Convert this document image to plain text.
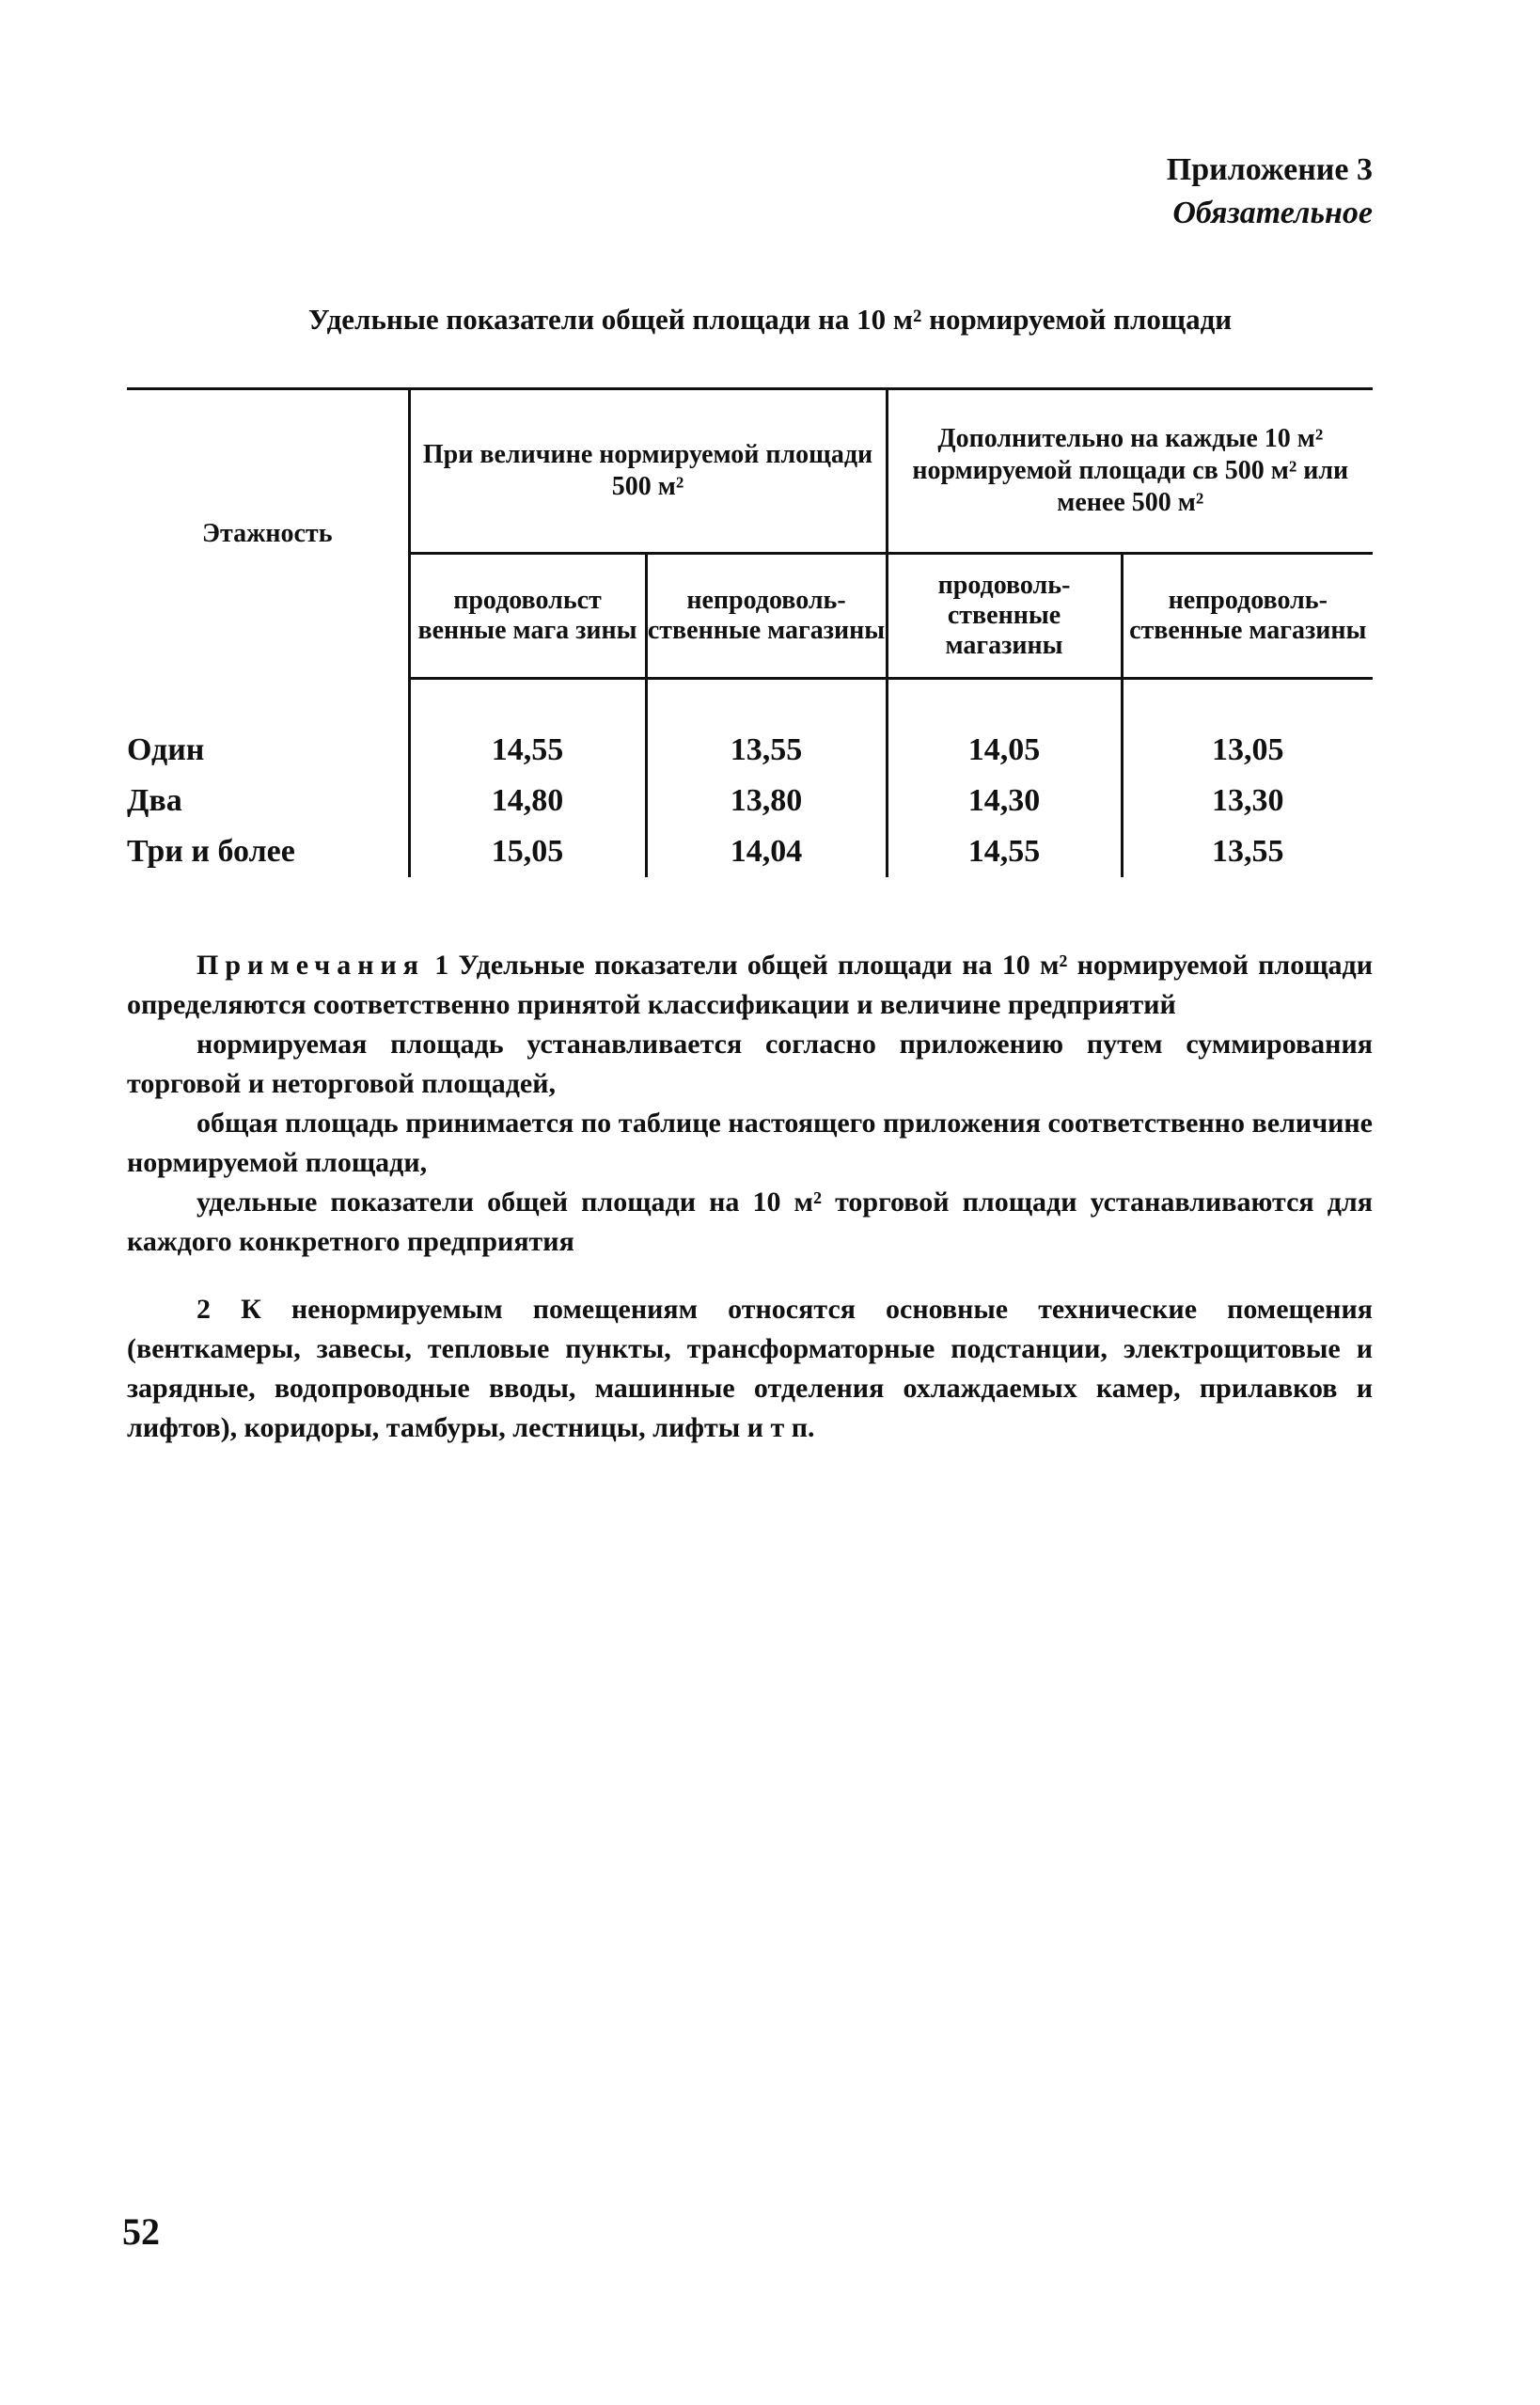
Приложение 3
Обязательное
Удельные показатели общей площади на 10 м² нормируемой площади
Этажность	При величине нормируемой площади 500 м²		Дополнительно на каждые 10 м² нормируемой площади св 500 м² или менее 500 м²	
	продовольст венные мага зины	непродоволь- ственные магазины	продоволь- ственные магазины	непродоволь- ственные магазины

Один	14,55	13,55	14,05	13,05
Два	14,80	13,80	14,30	13,30
Три и более	15,05	14,04	14,55	13,55

Примечания 1 Удельные показатели общей площади на 10 м² нормируемой площади определяются соответственно принятой классификации и величине предприятий

нормируемая площадь устанавливается согласно приложению путем суммирования торговой и неторговой площадей,

общая площадь принимается по таблице настоящего приложения соответственно величине нормируемой площади,

удельные показатели общей площади на 10 м² торговой площади устанавливаются для каждого конкретного предприятия

2 К ненормируемым помещениям относятся основные технические помещения (венткамеры, завесы, тепловые пункты, трансформаторные подстанции, электрощитовые и зарядные, водопроводные вводы, машинные отделения охлаждаемых камер, прилавков и лифтов), коридоры, тамбуры, лестницы, лифты и т п.

52
